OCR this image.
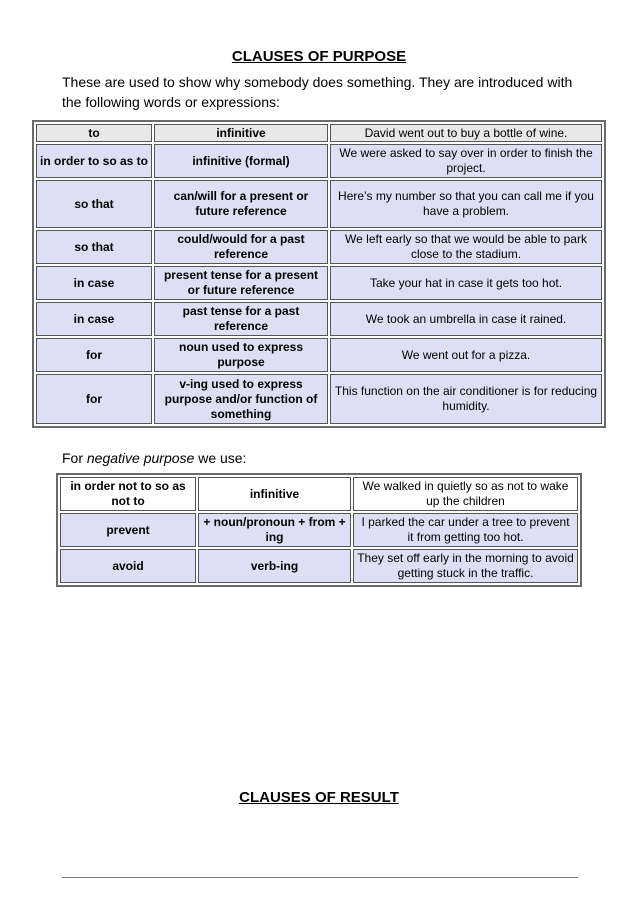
CLAUSES OF PURPOSE
These are used to show why somebody does something. They are introduced with the following words or expressions:
to	infinitive	David went out to buy a bottle of wine.
in order to so as to	infinitive (formal)	We were asked to say over in order to finish the project.
so that	can/will for a present or future reference	Here’s my number so that you can call me if you have a problem.
so that	could/would for a past reference	We left early so that we would be able to park close to the stadium.
in case	present tense for a present or future reference	Take your hat in case it gets too hot.
in case	past tense for a past reference	We took an umbrella in case it rained.
for	noun used to express purpose	We went out for a pizza.
for	v-ing used to express purpose and/or function of something	This function on the air conditioner is for reducing humidity.
For negative purpose we use:
in order not to so as not to	infinitive	We walked in quietly so as not to wake up the children
prevent	+ noun/pronoun + from + ing	I parked the car under a tree to prevent it from getting too hot.
avoid	verb-ing	They set off early in the morning to avoid getting stuck in the traffic.
CLAUSES OF RESULT
